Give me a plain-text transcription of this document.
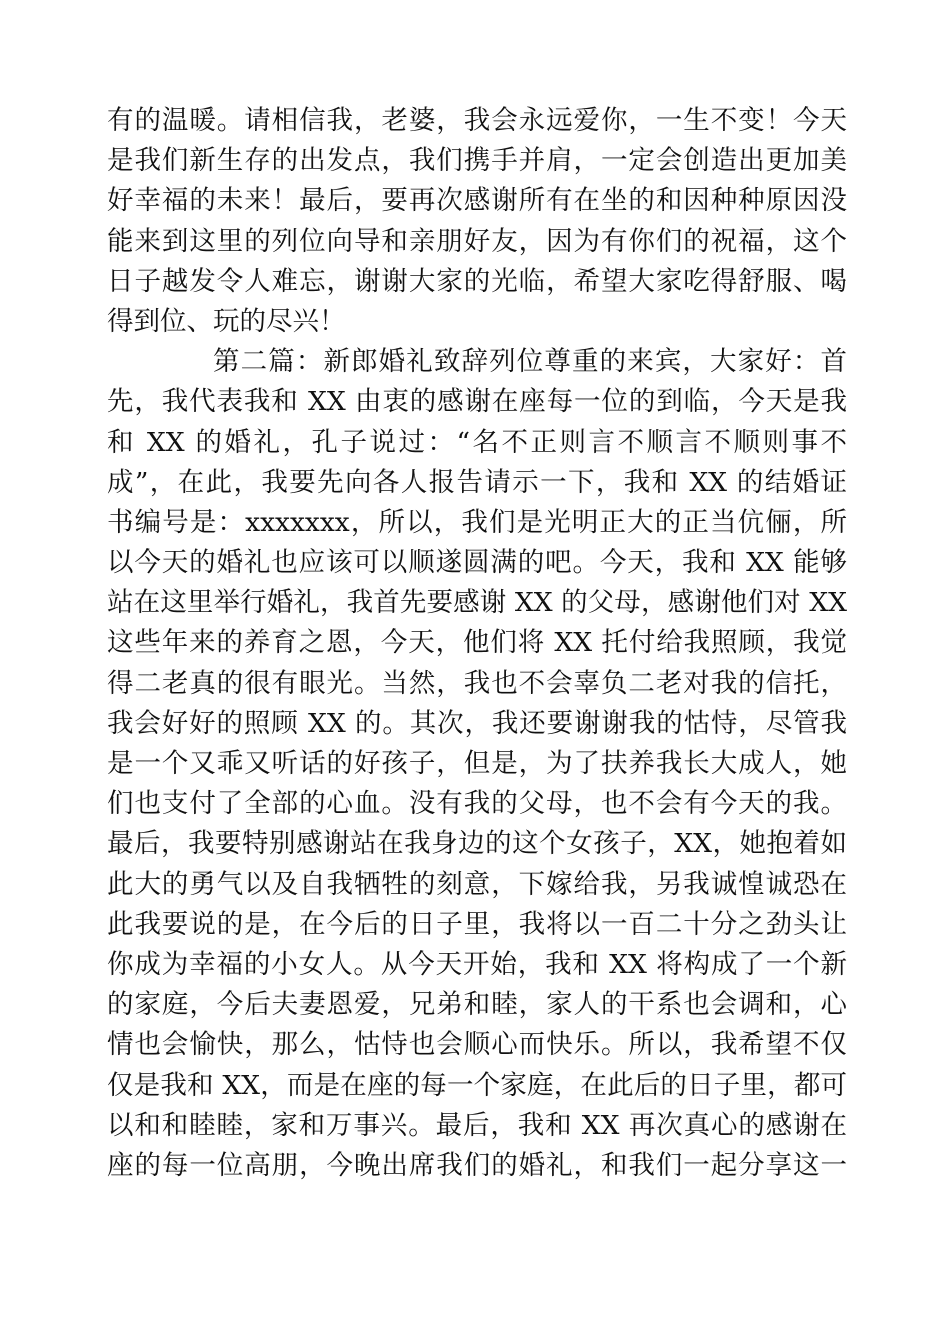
有的温暖。请相信我，老婆，我会永远爱你，一生不变！今天
是我们新生存的出发点，我们携手并肩，一定会创造出更加美
好幸福的未来！最后，要再次感谢所有在坐的和因种种原因没
能来到这里的列位向导和亲朋好友，因为有你们的祝福，这个
日子越发令人难忘，谢谢大家的光临，希望大家吃得舒服、喝
得到位、玩的尽兴！
第二篇：新郎婚礼致辞列位尊重的来宾，大家好：首
先，我代表我和 XX 由衷的感谢在座每一位的到临，今天是我
和 XX 的婚礼，孔子说过：“名不正则言不顺言不顺则事不
成”，在此，我要先向各人报告请示一下，我和 XX 的结婚证
书编号是：xxxxxxx，所以，我们是光明正大的正当伉俪，所
以今天的婚礼也应该可以顺遂圆满的吧。今天，我和 XX 能够
站在这里举行婚礼，我首先要感谢 XX 的父母，感谢他们对 XX
这些年来的养育之恩，今天，他们将 XX 托付给我照顾，我觉
得二老真的很有眼光。当然，我也不会辜负二老对我的信托，
我会好好的照顾 XX 的。其次，我还要谢谢我的怙恃，尽管我
是一个又乖又听话的好孩子，但是，为了扶养我长大成人，她
们也支付了全部的心血。没有我的父母，也不会有今天的我。
最后，我要特别感谢站在我身边的这个女孩子，XX，她抱着如
此大的勇气以及自我牺牲的刻意，下嫁给我，另我诚惶诚恐在
此我要说的是，在今后的日子里，我将以一百二十分之劲头让
你成为幸福的小女人。从今天开始，我和 XX 将构成了一个新
的家庭，今后夫妻恩爱，兄弟和睦，家人的干系也会调和，心
情也会愉快，那么，怙恃也会顺心而快乐。所以，我希望不仅
仅是我和 XX，而是在座的每一个家庭，在此后的日子里，都可
以和和睦睦，家和万事兴。最后，我和 XX 再次真心的感谢在
座的每一位高朋，今晚出席我们的婚礼，和我们一起分享这一
